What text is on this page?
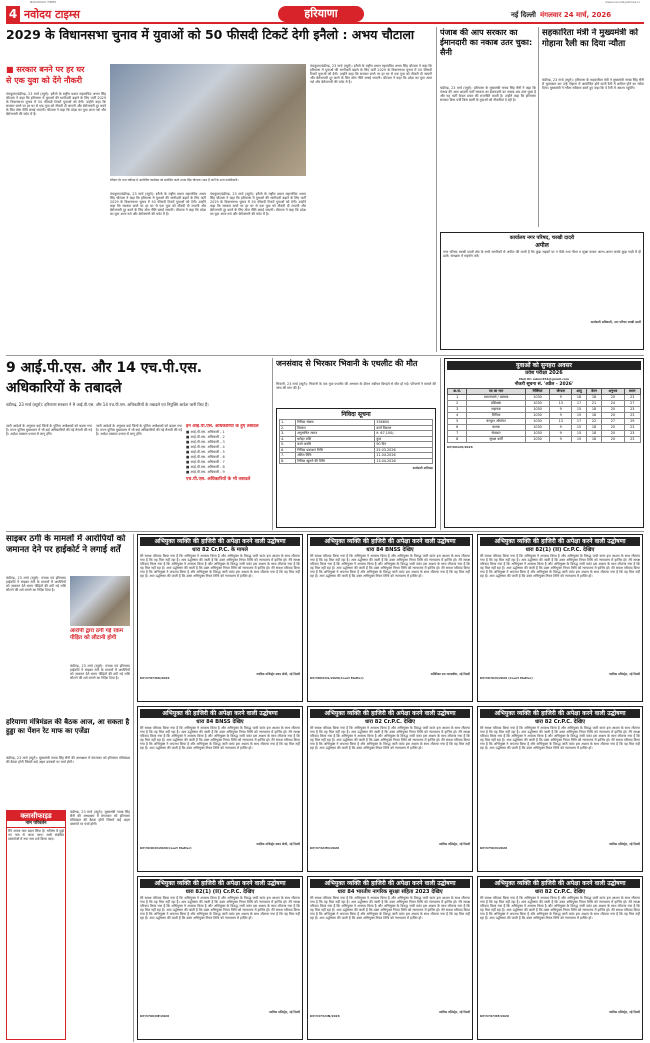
NAVODAYA TIMES	www.navodayatimes.in
4 नवोदय टाइम्स	हरियाणा	नई दिल्ली मंगलवार 24 मार्च, 2026
2029 के विधानसभा चुनाव में युवाओं को 50 फीसदी टिकटें देगी इनैलो : अभय चौटाला
■ सरकार बनने पर हर घर
से एक युवा को देंगे नौकरी
पंचकूला/चंडीगढ़, 23 मार्च (ब्यूरो): इनैलो के राष्ट्रीय प्रधान महासचिव अभय सिंह चौटाला ने कहा कि हरियाणा में युवाओं की भागीदारी बढ़ाने के लिए पार्टी 2029 के विधानसभा चुनाव में 50 फीसदी टिकटें युवाओं को देगी। उन्होंने कहा कि सरकार बनने पर हर घर से एक युवा को नौकरी दी जाएगी और बेरोजगारी दूर करने के लिए ठोस नीति बनाई जाएगी। चौटाला ने कहा कि प्रदेश का युवा आज नशे और बेरोजगारी की चपेट में है।
रविवार देर शाम चंडीगढ़ में आयोजित कार्यक्रम को संबोधित करते अभय सिंह चौटाला। साथ हैं पार्टी के अन्य पदाधिकारी।
पंचकूला/चंडीगढ़, 23 मार्च (ब्यूरो): इनैलो के राष्ट्रीय प्रधान महासचिव अभय सिंह चौटाला ने कहा कि हरियाणा में युवाओं की भागीदारी बढ़ाने के लिए पार्टी 2029 के विधानसभा चुनाव में 50 फीसदी टिकटें युवाओं को देगी। उन्होंने कहा कि सरकार बनने पर हर घर से एक युवा को नौकरी दी जाएगी और बेरोजगारी दूर करने के लिए ठोस नीति बनाई जाएगी। चौटाला ने कहा कि प्रदेश का युवा आज नशे और बेरोजगारी की चपेट में है।
पंचकूला/चंडीगढ़, 23 मार्च (ब्यूरो): इनैलो के राष्ट्रीय प्रधान महासचिव अभय सिंह चौटाला ने कहा कि हरियाणा में युवाओं की भागीदारी बढ़ाने के लिए पार्टी 2029 के विधानसभा चुनाव में 50 फीसदी टिकटें युवाओं को देगी। उन्होंने कहा कि सरकार बनने पर हर घर से एक युवा को नौकरी दी जाएगी और बेरोजगारी दूर करने के लिए ठोस नीति बनाई जाएगी। चौटाला ने कहा कि प्रदेश का युवा आज नशे और बेरोजगारी की चपेट में है।
पंचकूला/चंडीगढ़, 23 मार्च (ब्यूरो): इनैलो के राष्ट्रीय प्रधान महासचिव अभय सिंह चौटाला ने कहा कि हरियाणा में युवाओं की भागीदारी बढ़ाने के लिए पार्टी 2029 के विधानसभा चुनाव में 50 फीसदी टिकटें युवाओं को देगी। उन्होंने कहा कि सरकार बनने पर हर घर से एक युवा को नौकरी दी जाएगी और बेरोजगारी दूर करने के लिए ठोस नीति बनाई जाएगी। चौटाला ने कहा कि प्रदेश का युवा आज नशे और बेरोजगारी की चपेट में है।
पंजाब की आप सरकार का ईमानदारी का नकाब उतर चुका: सैनी
चंडीगढ़, 23 मार्च (ब्यूरो): हरियाणा के मुख्यमंत्री नायब सिंह सैनी ने कहा कि पंजाब की आम आदमी पार्टी सरकार का ईमानदारी का नकाब अब उतर चुका है और यह पार्टी केवल प्रचार की राजनीति करती है। उन्होंने कहा कि हरियाणा सरकार बिना पर्ची बिना खर्ची के युवाओं को नौकरियां दे रही है।
सहकारिता मंत्री ने मुख्यमंत्री को गोहाना रैली का दिया न्यौता
चंडीगढ़, 23 मार्च (ब्यूरो): हरियाणा के सहकारिता मंत्री ने मुख्यमंत्री नायब सिंह सैनी से मुलाकात कर उन्हें गोहाना में आयोजित होने वाली रैली में शामिल होने का न्यौता दिया। मुख्यमंत्री ने न्यौता स्वीकार करते हुए कहा कि वे रैली में अवश्य पहुंचेंगे।
कार्यालय नगर परिषद, चरखी दादरी
अपील
नगर परिषद चरखी दादरी क्षेत्र के सभी नागरिकों से अपील की जाती है कि कूड़ा सड़कों पर न फेंकें तथा गीला व सूखा कचरा अलग-अलग करके कूड़ा गाड़ी में ही डालें। स्वच्छता में सहयोग करें।
कार्यकारी अधिकारी, नगर परिषद चरखी दादरी
9 आई.पी.एस. और 14 एच.पी.एस.
अधिकारियों के तबादले
चंडीगढ़, 23 मार्च (ब्यूरो): हरियाणा सरकार ने 9 आई.पी.एस. और 14 एच.पी.एस. अधिकारियों के तबादले एवं नियुक्ति आदेश जारी किए हैं।
जारी आदेशों के अनुसार कई जिलों के पुलिस अधीक्षकों को बदला गया है। राज्य पुलिस मुख्यालय में भी कई अधिकारियों की नई तैनाती की गई है। आदेश तत्काल प्रभाव से लागू होंगे।
जारी आदेशों के अनुसार कई जिलों के पुलिस अधीक्षकों को बदला गया है। राज्य पुलिस मुख्यालय में भी कई अधिकारियों की नई तैनाती की गई है। आदेश तत्काल प्रभाव से लागू होंगे।
इन आई.पी.एस. अधिकारियों के हुए तबादले
■ आई.पी.एस. अधिकारी - 1
■ आई.पी.एस. अधिकारी - 2
■ आई.पी.एस. अधिकारी - 3
■ आई.पी.एस. अधिकारी - 4
■ आई.पी.एस. अधिकारी - 5
■ आई.पी.एस. अधिकारी - 6
■ आई.पी.एस. अधिकारी - 7
■ आई.पी.एस. अधिकारी - 8
■ आई.पी.एस. अधिकारी - 9
एच.पी.एस. अधिकारियों के भी तबादले
जनसंवाद से भिरकार भिवानी के एथलीट की मौत
भिवानी, 23 मार्च (ब्यूरो): भिवानी के एक युवा एथलीट की अभ्यास के दौरान तबीयत बिगड़ने से मौत हो गई। परिजनों ने मामले की जांच की मांग की है।
निविदा सूचना
1.	निविदा संख्या	336800
2.	विवरण	कार्य विवरण
3.	अनुमानित लागत	रु. 67,100/-
4.	धरोहर राशि	कुल
5.	कार्य अवधि	90 दिन
6.	निविदा प्रकाशन तिथि	25.03.2026
7.	अंतिम तिथि	11.04.2026
8.	निविदा खुलने की तिथि	13.04.2026
कार्यकारी अभियंता
युवाओं को सुनहरा अवसर
प्रवेश परीक्षा 2026
Mail ID: admn456@gmail.com
नौकरी सूचना सं. 'अप्रैल - 2026'
क्र.सं.	पद का नाम	रिक्तियां	योग्यता	आयु	वेतन	अनुभव	स्थान
1	प्रधानाचार्य / प्रबंधक	1030	9	18	18	20	23
2	प्रशिक्षक	1030	13	17	21	24	27
3	सहायक	1030	9	15	18	20	23
4	लिपिक	1030	9	15	18	20	23
5	कंप्यूटर ऑपरेटर	1030	13	17	22	27	29
6	चालक	1030	9	15	18	20	23
7	सेवादार	1030	9	15	18	20	23
8	सुरक्षा कर्मी	1030	9	15	18	20	23
DP/09126/2026
साइबर ठगी के मामलों में आरोपियों को जमानत देने पर हाईकोर्ट ने लगाई शर्तें
चंडीगढ़, 23 मार्च (ब्यूरो): पंजाब एवं हरियाणा हाईकोर्ट ने साइबर ठगी के मामलों में आरोपियों को जमानत देते समय पीड़ितों की ठगी गई राशि लौटाने की शर्त लगाने का निर्देश दिया है।
आरोपी द्वारा ठगी गई रकम पीड़ित को लौटानी होगी
चंडीगढ़, 23 मार्च (ब्यूरो): पंजाब एवं हरियाणा हाईकोर्ट ने साइबर ठगी के मामलों में आरोपियों को जमानत देते समय पीड़ितों की ठगी गई राशि लौटाने की शर्त लगाने का निर्देश दिया है।
हरियाणा मंत्रिमंडल की बैठक आज, आ सकता है हुड्डा का पेंशन रेट माफ का एजेंडा
चंडीगढ़, 23 मार्च (ब्यूरो): मुख्यमंत्री नायब सिंह सैनी की अध्यक्षता में मंगलवार को हरियाणा मंत्रिमंडल की बैठक होगी जिसमें कई अहम प्रस्तावों पर चर्चा होगी।
क्लासीफाइड
नाम परिवर्तन
मैंने अपना नाम बदल लिया है। भविष्य में मुझे नए नाम से जाना जाए। सभी संबंधित दस्तावेजों में नया नाम दर्ज किया जाए।
चंडीगढ़, 23 मार्च (ब्यूरो): मुख्यमंत्री नायब सिंह सैनी की अध्यक्षता में मंगलवार को हरियाणा मंत्रिमंडल की बैठक होगी जिसमें कई अहम प्रस्तावों पर चर्चा होगी।
अभियुक्त व्यक्ति की हाजिरी की अपेक्षा करने वाली उद्घोषणा
धारा 82 Cr.P.C. के मामले
मेरे समक्ष परिवाद किया गया है कि अभियुक्त ने अपराध किया है और अभियुक्त के विरुद्ध जारी वारंट इस आशय के साथ लौटाया गया है कि वह मिल नहीं रहा है। अतः उद्घोषणा की जाती है कि उक्त अभियुक्त नियत तिथि को न्यायालय में हाजिर हो। मेरे समक्ष परिवाद किया गया है कि अभियुक्त ने अपराध किया है और अभियुक्त के विरुद्ध जारी वारंट इस आशय के साथ लौटाया गया है कि वह मिल नहीं रहा है। अतः उद्घोषणा की जाती है कि उक्त अभियुक्त नियत तिथि को न्यायालय में हाजिर हो। मेरे समक्ष परिवाद किया गया है कि अभियुक्त ने अपराध किया है और अभियुक्त के विरुद्ध जारी वारंट इस आशय के साथ लौटाया गया है कि वह मिल नहीं रहा है। अतः उद्घोषणा की जाती है कि उक्त अभियुक्त नियत तिथि को न्यायालय में हाजिर हो।
न्यायिक मजिस्ट्रेट प्रथम श्रेणी, नई दिल्ली
DP/3787/RD/2026
अभियुक्त व्यक्ति की हाजिरी की अपेक्षा करने वाली उद्घोषणा
धारा 84 BNSS देखिए
मेरे समक्ष परिवाद किया गया है कि अभियुक्त ने अपराध किया है और अभियुक्त के विरुद्ध जारी वारंट इस आशय के साथ लौटाया गया है कि वह मिल नहीं रहा है। अतः उद्घोषणा की जाती है कि उक्त अभियुक्त नियत तिथि को न्यायालय में हाजिर हो। मेरे समक्ष परिवाद किया गया है कि अभियुक्त ने अपराध किया है और अभियुक्त के विरुद्ध जारी वारंट इस आशय के साथ लौटाया गया है कि वह मिल नहीं रहा है। अतः उद्घोषणा की जाती है कि उक्त अभियुक्त नियत तिथि को न्यायालय में हाजिर हो। मेरे समक्ष परिवाद किया गया है कि अभियुक्त ने अपराध किया है और अभियुक्त के विरुद्ध जारी वारंट इस आशय के साथ लौटाया गया है कि वह मिल नहीं रहा है। अतः उद्घोषणा की जाती है कि उक्त अभियुक्त नियत तिथि को न्यायालय में हाजिर हो।
अतिरिक्त सत्र न्यायाधीश, नई दिल्ली
DP/3863/DL/2026(Court Matter)
अभियुक्त व्यक्ति की हाजिरी की अपेक्षा करने वाली उद्घोषणा
धारा 82(1) (II) Cr.P.C. देखिए
मेरे समक्ष परिवाद किया गया है कि अभियुक्त ने अपराध किया है और अभियुक्त के विरुद्ध जारी वारंट इस आशय के साथ लौटाया गया है कि वह मिल नहीं रहा है। अतः उद्घोषणा की जाती है कि उक्त अभियुक्त नियत तिथि को न्यायालय में हाजिर हो। मेरे समक्ष परिवाद किया गया है कि अभियुक्त ने अपराध किया है और अभियुक्त के विरुद्ध जारी वारंट इस आशय के साथ लौटाया गया है कि वह मिल नहीं रहा है। अतः उद्घोषणा की जाती है कि उक्त अभियुक्त नियत तिथि को न्यायालय में हाजिर हो। मेरे समक्ष परिवाद किया गया है कि अभियुक्त ने अपराध किया है और अभियुक्त के विरुद्ध जारी वारंट इस आशय के साथ लौटाया गया है कि वह मिल नहीं रहा है। अतः उद्घोषणा की जाती है कि उक्त अभियुक्त नियत तिथि को न्यायालय में हाजिर हो।
न्यायिक मजिस्ट्रेट, नई दिल्ली
DP/3676/N/2026 (Court Matter)
अभियुक्त की हाजिरी की अपेक्षा करने वाली उद्घोषणा
धारा 84 BNSS देखिए
मेरे समक्ष परिवाद किया गया है कि अभियुक्त ने अपराध किया है और अभियुक्त के विरुद्ध जारी वारंट इस आशय के साथ लौटाया गया है कि वह मिल नहीं रहा है। अतः उद्घोषणा की जाती है कि उक्त अभियुक्त नियत तिथि को न्यायालय में हाजिर हो। मेरे समक्ष परिवाद किया गया है कि अभियुक्त ने अपराध किया है और अभियुक्त के विरुद्ध जारी वारंट इस आशय के साथ लौटाया गया है कि वह मिल नहीं रहा है। अतः उद्घोषणा की जाती है कि उक्त अभियुक्त नियत तिथि को न्यायालय में हाजिर हो। मेरे समक्ष परिवाद किया गया है कि अभियुक्त ने अपराध किया है और अभियुक्त के विरुद्ध जारी वारंट इस आशय के साथ लौटाया गया है कि वह मिल नहीं रहा है। अतः उद्घोषणा की जाती है कि उक्त अभियुक्त नियत तिथि को न्यायालय में हाजिर हो।
न्यायिक मजिस्ट्रेट प्रथम श्रेणी, नई दिल्ली
DP/3646/N/2026(Court Matter)
अभियुक्त व्यक्ति की हाजिरी की अपेक्षा करने वाली उद्घोषणा
धारा 82 Cr.P.C. देखिए
मेरे समक्ष परिवाद किया गया है कि अभियुक्त ने अपराध किया है और अभियुक्त के विरुद्ध जारी वारंट इस आशय के साथ लौटाया गया है कि वह मिल नहीं रहा है। अतः उद्घोषणा की जाती है कि उक्त अभियुक्त नियत तिथि को न्यायालय में हाजिर हो। मेरे समक्ष परिवाद किया गया है कि अभियुक्त ने अपराध किया है और अभियुक्त के विरुद्ध जारी वारंट इस आशय के साथ लौटाया गया है कि वह मिल नहीं रहा है। अतः उद्घोषणा की जाती है कि उक्त अभियुक्त नियत तिथि को न्यायालय में हाजिर हो। मेरे समक्ष परिवाद किया गया है कि अभियुक्त ने अपराध किया है और अभियुक्त के विरुद्ध जारी वारंट इस आशय के साथ लौटाया गया है कि वह मिल नहीं रहा है। अतः उद्घोषणा की जाती है कि उक्त अभियुक्त नियत तिथि को न्यायालय में हाजिर हो।
न्यायिक मजिस्ट्रेट, नई दिल्ली
DP/3732/ED/2026
अभियुक्त व्यक्ति की हाजिरी की अपेक्षा करने वाली उद्घोषणा
धारा 82 Cr.P.C. देखिए
मेरे समक्ष परिवाद किया गया है कि अभियुक्त ने अपराध किया है और अभियुक्त के विरुद्ध जारी वारंट इस आशय के साथ लौटाया गया है कि वह मिल नहीं रहा है। अतः उद्घोषणा की जाती है कि उक्त अभियुक्त नियत तिथि को न्यायालय में हाजिर हो। मेरे समक्ष परिवाद किया गया है कि अभियुक्त ने अपराध किया है और अभियुक्त के विरुद्ध जारी वारंट इस आशय के साथ लौटाया गया है कि वह मिल नहीं रहा है। अतः उद्घोषणा की जाती है कि उक्त अभियुक्त नियत तिथि को न्यायालय में हाजिर हो। मेरे समक्ष परिवाद किया गया है कि अभियुक्त ने अपराध किया है और अभियुक्त के विरुद्ध जारी वारंट इस आशय के साथ लौटाया गया है कि वह मिल नहीं रहा है। अतः उद्घोषणा की जाती है कि उक्त अभियुक्त नियत तिथि को न्यायालय में हाजिर हो।
न्यायिक मजिस्ट्रेट, नई दिल्ली
DP/3756/N/2026
अभियुक्त व्यक्ति की हाजिरी की अपेक्षा करने वाली उद्घोषणा
धारा 82(1) (II) Cr.P.C. देखिए
मेरे समक्ष परिवाद किया गया है कि अभियुक्त ने अपराध किया है और अभियुक्त के विरुद्ध जारी वारंट इस आशय के साथ लौटाया गया है कि वह मिल नहीं रहा है। अतः उद्घोषणा की जाती है कि उक्त अभियुक्त नियत तिथि को न्यायालय में हाजिर हो। मेरे समक्ष परिवाद किया गया है कि अभियुक्त ने अपराध किया है और अभियुक्त के विरुद्ध जारी वारंट इस आशय के साथ लौटाया गया है कि वह मिल नहीं रहा है। अतः उद्घोषणा की जाती है कि उक्त अभियुक्त नियत तिथि को न्यायालय में हाजिर हो। मेरे समक्ष परिवाद किया गया है कि अभियुक्त ने अपराध किया है और अभियुक्त के विरुद्ध जारी वारंट इस आशय के साथ लौटाया गया है कि वह मिल नहीं रहा है। अतः उद्घोषणा की जाती है कि उक्त अभियुक्त नियत तिथि को न्यायालय में हाजिर हो।
न्यायिक मजिस्ट्रेट, नई दिल्ली
DP/3706/NE/2026
अभियुक्त व्यक्ति की हाजिरी की अपेक्षा करने वाली उद्घोषणा
धारा 84 भारतीय नागरिक सुरक्षा संहिता 2023 देखिए
मेरे समक्ष परिवाद किया गया है कि अभियुक्त ने अपराध किया है और अभियुक्त के विरुद्ध जारी वारंट इस आशय के साथ लौटाया गया है कि वह मिल नहीं रहा है। अतः उद्घोषणा की जाती है कि उक्त अभियुक्त नियत तिथि को न्यायालय में हाजिर हो। मेरे समक्ष परिवाद किया गया है कि अभियुक्त ने अपराध किया है और अभियुक्त के विरुद्ध जारी वारंट इस आशय के साथ लौटाया गया है कि वह मिल नहीं रहा है। अतः उद्घोषणा की जाती है कि उक्त अभियुक्त नियत तिथि को न्यायालय में हाजिर हो। मेरे समक्ष परिवाद किया गया है कि अभियुक्त ने अपराध किया है और अभियुक्त के विरुद्ध जारी वारंट इस आशय के साथ लौटाया गया है कि वह मिल नहीं रहा है। अतः उद्घोषणा की जाती है कि उक्त अभियुक्त नियत तिथि को न्यायालय में हाजिर हो।
न्यायिक मजिस्ट्रेट, नई दिल्ली
DP/3473/ON/2026
अभियुक्त व्यक्ति की हाजिरी की अपेक्षा करने वाली उद्घोषणा
धारा 82 Cr.P.C. देखिए
मेरे समक्ष परिवाद किया गया है कि अभियुक्त ने अपराध किया है और अभियुक्त के विरुद्ध जारी वारंट इस आशय के साथ लौटाया गया है कि वह मिल नहीं रहा है। अतः उद्घोषणा की जाती है कि उक्त अभियुक्त नियत तिथि को न्यायालय में हाजिर हो। मेरे समक्ष परिवाद किया गया है कि अभियुक्त ने अपराध किया है और अभियुक्त के विरुद्ध जारी वारंट इस आशय के साथ लौटाया गया है कि वह मिल नहीं रहा है। अतः उद्घोषणा की जाती है कि उक्त अभियुक्त नियत तिथि को न्यायालय में हाजिर हो। मेरे समक्ष परिवाद किया गया है कि अभियुक्त ने अपराध किया है और अभियुक्त के विरुद्ध जारी वारंट इस आशय के साथ लौटाया गया है कि वह मिल नहीं रहा है। अतः उद्घोषणा की जाती है कि उक्त अभियुक्त नियत तिथि को न्यायालय में हाजिर हो।
न्यायिक मजिस्ट्रेट, नई दिल्ली
DP/3797/RE/2026
